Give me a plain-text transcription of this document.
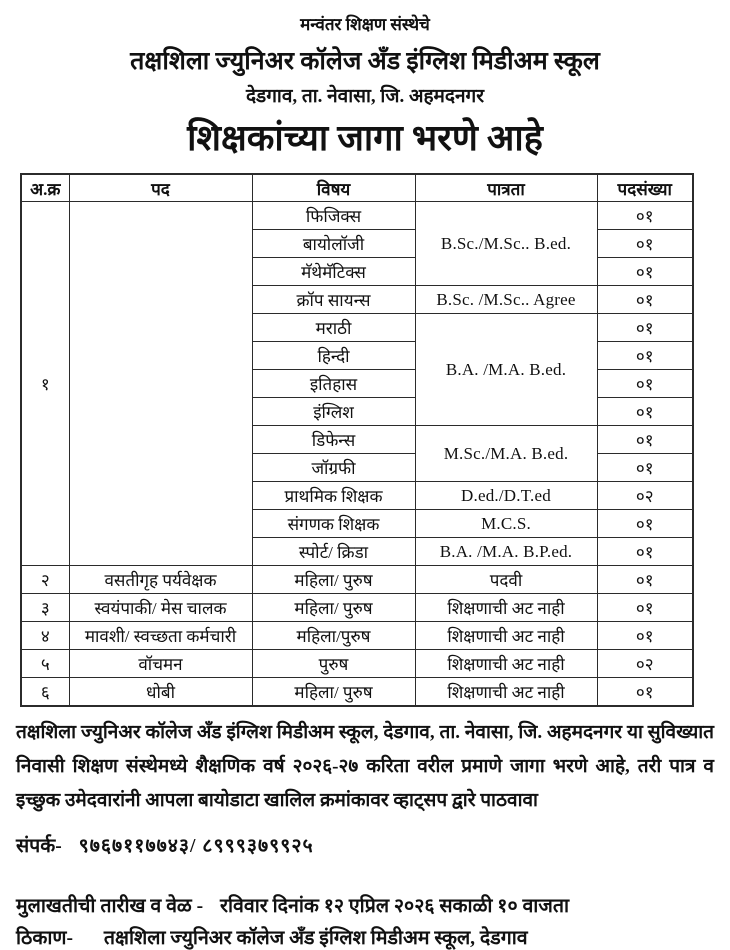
मन्वंतर शिक्षण संस्थेचे
तक्षशिला ज्युनिअर कॉलेज अँड इंग्लिश मिडीअम स्कूल
देडगाव, ता. नेवासा, जि. अहमदनगर
शिक्षकांच्या जागा भरणे आहे
अ.क्र	पद	विषय	पात्रता	पदसंख्या
१		फिजिक्स	B.Sc./M.Sc.. B.ed.	०१
		बायोलॉजी		०१
		मॅथेमॅटिक्स		०१
		क्रॉप सायन्स	B.Sc. /M.Sc.. Agree	०१
		मराठी	B.A. /M.A. B.ed.	०१
		हिन्दी		०१
		इतिहास		०१
		इंग्लिश		०१
		डिफेन्स	M.Sc./M.A. B.ed.	०१
		जॉग्रफी		०१
		प्राथमिक शिक्षक	D.ed./D.T.ed	०२
		संगणक शिक्षक	M.C.S.	०१
		स्पोर्ट/ क्रिडा	B.A. /M.A. B.P.ed.	०१
२	वसतीगृह पर्यवेक्षक	महिला/ पुरुष	पदवी	०१
३	स्वयंपाकी/ मेस चालक	महिला/ पुरुष	शिक्षणाची अट नाही	०१
४	मावशी/ स्वच्छता कर्मचारी	महिला/पुरुष	शिक्षणाची अट नाही	०१
५	वॉचमन	पुरुष	शिक्षणाची अट नाही	०२
६	धोबी	महिला/ पुरुष	शिक्षणाची अट नाही	०१
तक्षशिला ज्युनिअर कॉलेज अँड इंग्लिश मिडीअम स्कूल, देडगाव, ता. नेवासा, जि. अहमदनगर या सुविख्यात निवासी शिक्षण संस्थेमध्ये शैक्षणिक वर्ष २०२६-२७ करिता वरील प्रमाणे जागा भरणे आहे, तरी पात्र व इच्छुक उमेदवारांनी आपला बायोडाटा खालिल क्रमांकावर व्हाट्सप द्वारे पाठवावा
संपर्क- ९७६७११७७४३/ ८९९९३७९९२५
मुलाखतीची तारीख व वेळ - रविवार दिनांक १२ एप्रिल २०२६ सकाळी १० वाजता
ठिकाण- तक्षशिला ज्युनिअर कॉलेज अँड इंग्लिश मिडीअम स्कूल, देडगाव
